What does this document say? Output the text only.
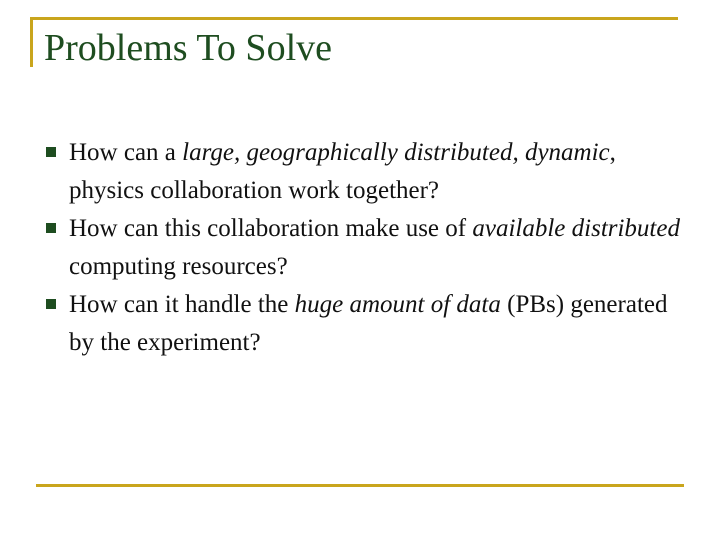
Problems To Solve
How can a large, geographically distributed, dynamic, physics collaboration work together?
How can this collaboration make use of available distributed computing resources?
How can it handle the huge amount of data (PBs) generated by the experiment?
